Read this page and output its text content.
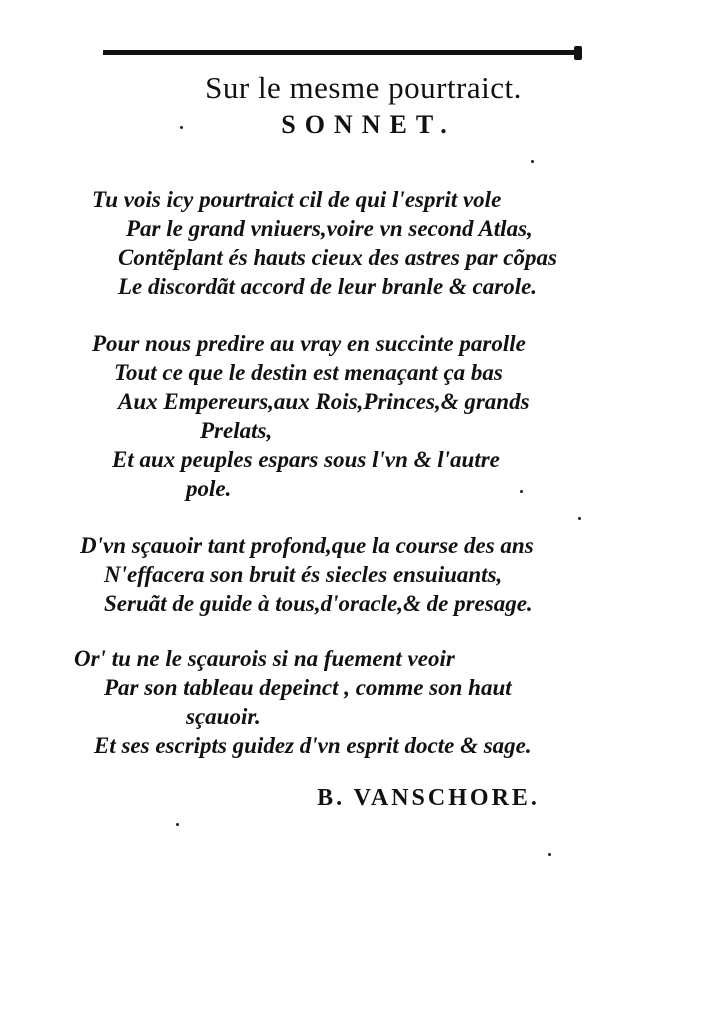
Sur le mesme pourtraict.
SONNET.
Tu vois icy pourtraict cil de qui l'esprit vole
Par le grand vniuers,voire vn second Atlas,
Contẽplant és hauts cieux des astres par cõpas
Le discordãt accord de leur branle & carole.
Pour nous predire au vray en succinte parolle
Tout ce que le destin est menaçant ça bas
Aux Empereurs,aux Rois,Princes,& grands
Prelats,
Et aux peuples espars sous l'vn & l'autre
pole.
D'vn sçauoir tant profond,que la course des ans
N'effacera son bruit és siecles ensuiuants,
Seruãt de guide à tous,d'oracle,& de presage.
Or' tu ne le sçaurois si na fuement veoir
Par son tableau depeinct , comme son haut
sçauoir.
Et ses escripts guidez d'vn esprit docte & sage.
B. VANSCHORE.
